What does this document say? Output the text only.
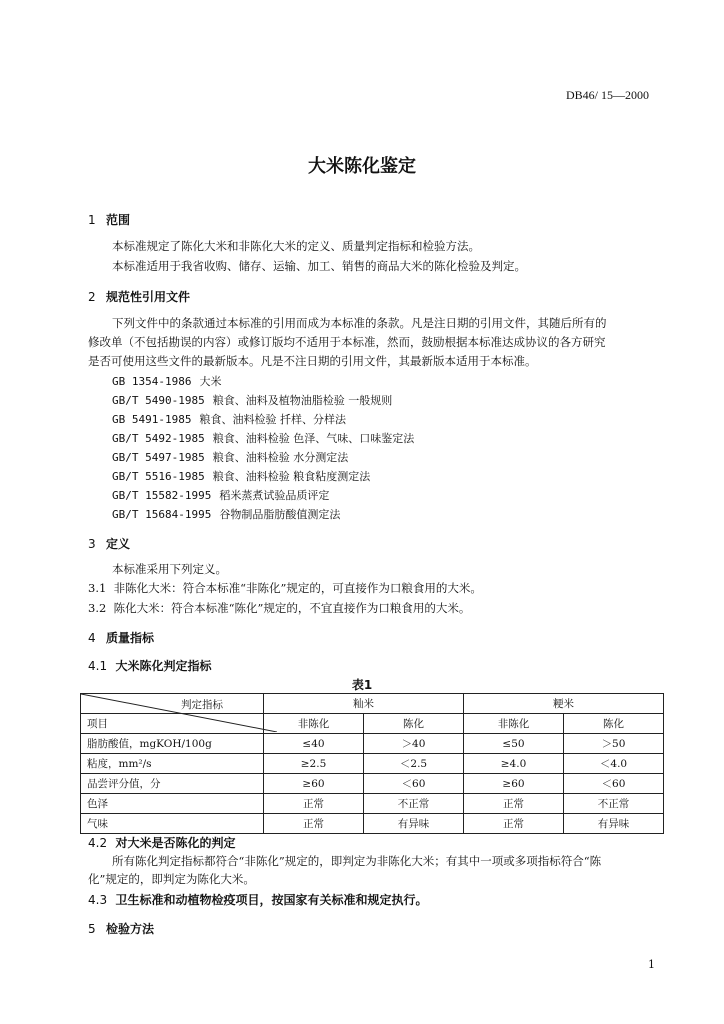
DB46/ 15—2000
大米陈化鉴定
1 范围
本标准规定了陈化大米和非陈化大米的定义、质量判定指标和检验方法。
本标准适用于我省收购、储存、运输、加工、销售的商品大米的陈化检验及判定。
2 规范性引用文件
下列文件中的条款通过本标准的引用而成为本标准的条款。凡是注日期的引用文件，其随后所有的
修改单（不包括勘误的内容）或修订版均不适用于本标准，然而，鼓励根据本标准达成协议的各方研究
是否可使用这些文件的最新版本。凡是不注日期的引用文件，其最新版本适用于本标准。
GB 1354-1986 大米
GB/T 5490-1985 粮食、油料及植物油脂检验 一般规则
GB 5491-1985 粮食、油料检验 扦样、分样法
GB/T 5492-1985 粮食、油料检验 色泽、气味、口味鉴定法
GB/T 5497-1985 粮食、油料检验 水分测定法
GB/T 5516-1985 粮食、油料检验 粮食粘度测定法
GB/T 15582-1995 稻米蒸煮试验品质评定
GB/T 15684-1995 谷物制品脂肪酸值测定法
3 定义
本标准采用下列定义。
3.1 非陈化大米：符合本标准“非陈化”规定的，可直接作为口粮食用的大米。
3.2 陈化大米：符合本标准“陈化”规定的，不宜直接作为口粮食用的大米。
4 质量指标
4.1 大米陈化判定指标
表1
判定指标	籼米		粳米	
项目	非陈化	陈化	非陈化	陈化
脂肪酸值，mgKOH/100g	≤40	＞40	≤50	＞50
粘度，mm²/s	≥2.5	＜2.5	≥4.0	＜4.0
品尝评分值，分	≥60	＜60	≥60	＜60
色泽	正常	不正常	正常	不正常
气味	正常	有异味	正常	有异味
4.2 对大米是否陈化的判定
所有陈化判定指标都符合“非陈化”规定的，即判定为非陈化大米；有其中一项或多项指标符合“陈
化”规定的，即判定为陈化大米。
4.3 卫生标准和动植物检疫项目，按国家有关标准和规定执行。
5 检验方法
1
